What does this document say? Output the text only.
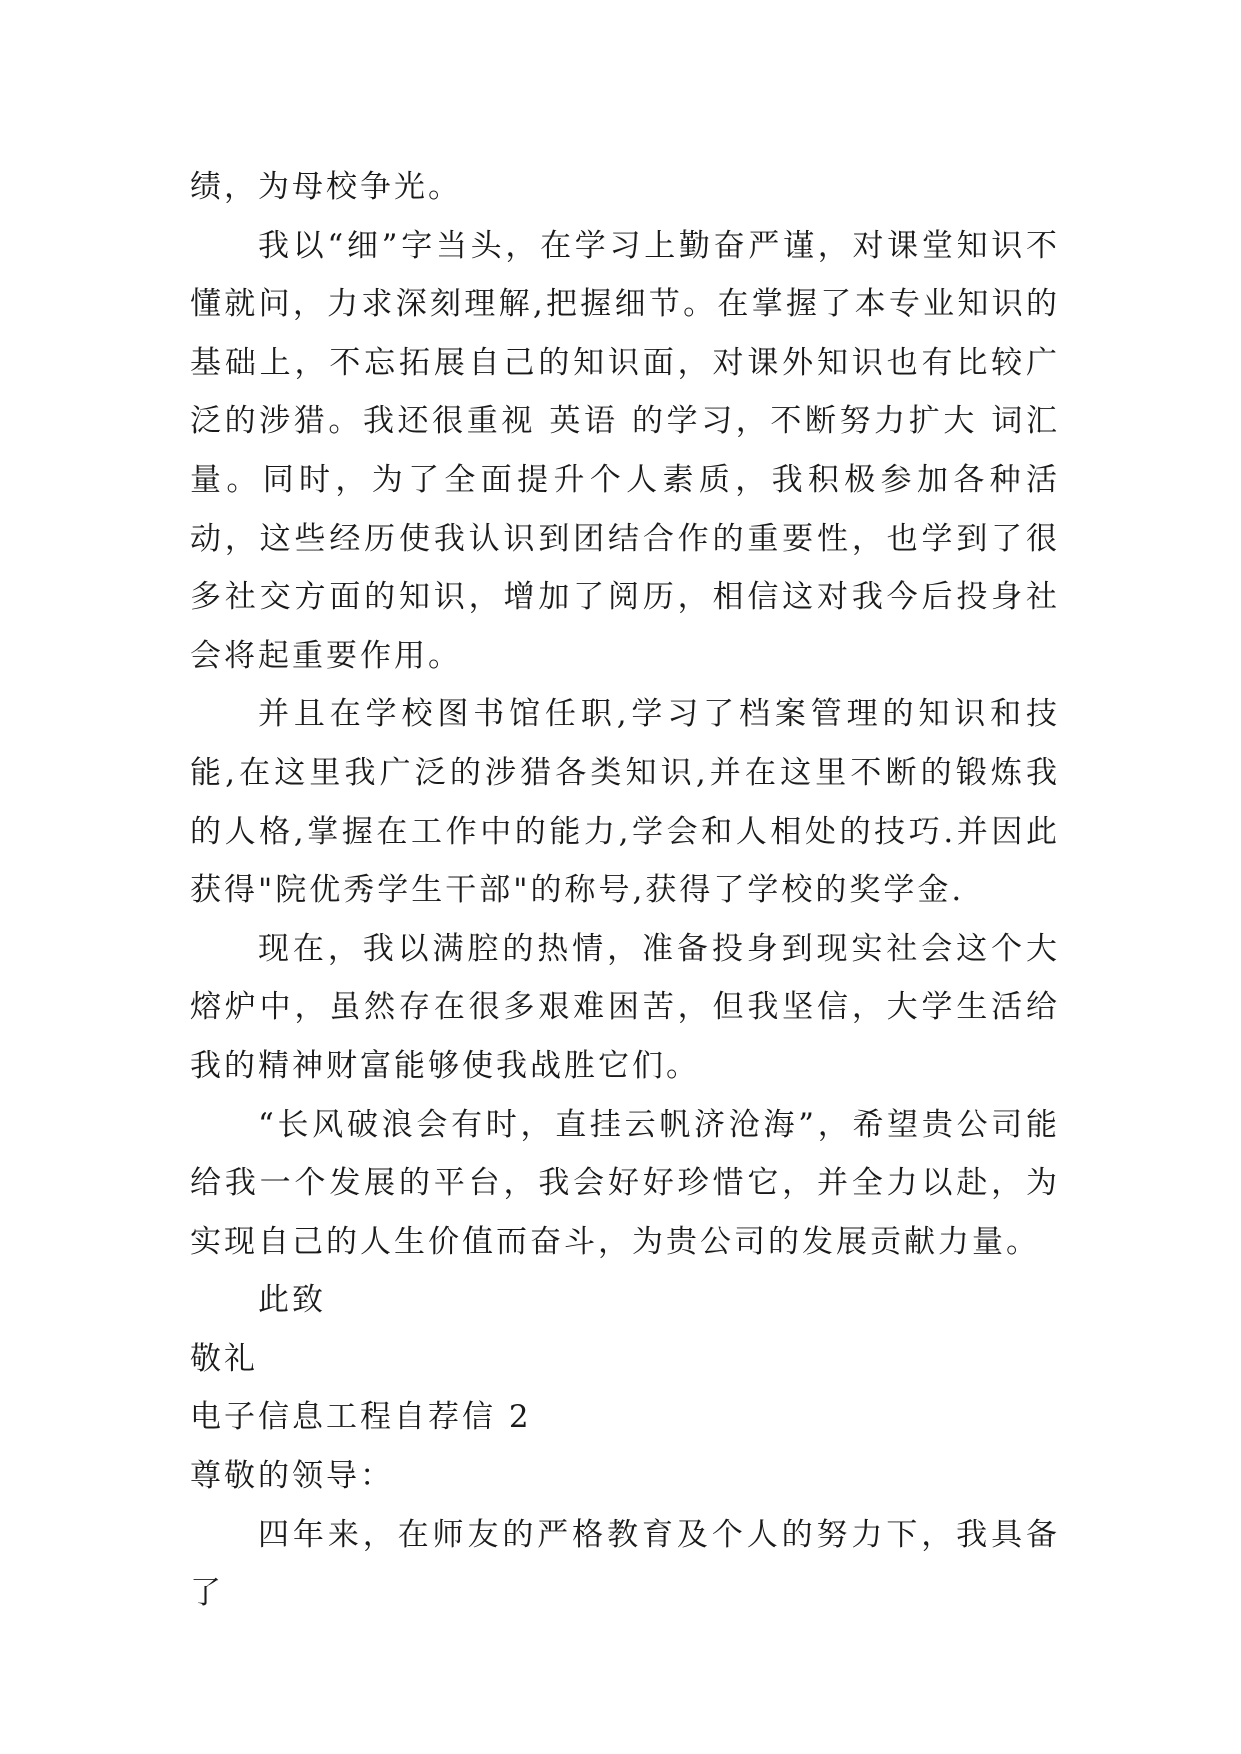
绩，为母校争光。

我以“细”字当头，在学习上勤奋严谨，对课堂知识不懂就问，力求深刻理解,把握细节。在掌握了本专业知识的基础上，不忘拓展自己的知识面，对课外知识也有比较广泛的涉猎。我还很重视 英语 的学习，不断努力扩大 词汇 量。同时，为了全面提升个人素质，我积极参加各种活动，这些经历使我认识到团结合作的重要性，也学到了很多社交方面的知识，增加了阅历，相信这对我今后投身社会将起重要作用。

并且在学校图书馆任职,学习了档案管理的知识和技能,在这里我广泛的涉猎各类知识,并在这里不断的锻炼我的人格,掌握在工作中的能力,学会和人相处的技巧.并因此获得"院优秀学生干部"的称号,获得了学校的奖学金.

现在，我以满腔的热情，准备投身到现实社会这个大熔炉中，虽然存在很多艰难困苦，但我坚信，大学生活给我的精神财富能够使我战胜它们。

“长风破浪会有时，直挂云帆济沧海”，希望贵公司能给我一个发展的平台，我会好好珍惜它，并全力以赴，为实现自己的人生价值而奋斗，为贵公司的发展贡献力量。

此致

敬礼

电子信息工程自荐信 2

尊敬的领导：

四年来，在师友的严格教育及个人的努力下，我具备了
